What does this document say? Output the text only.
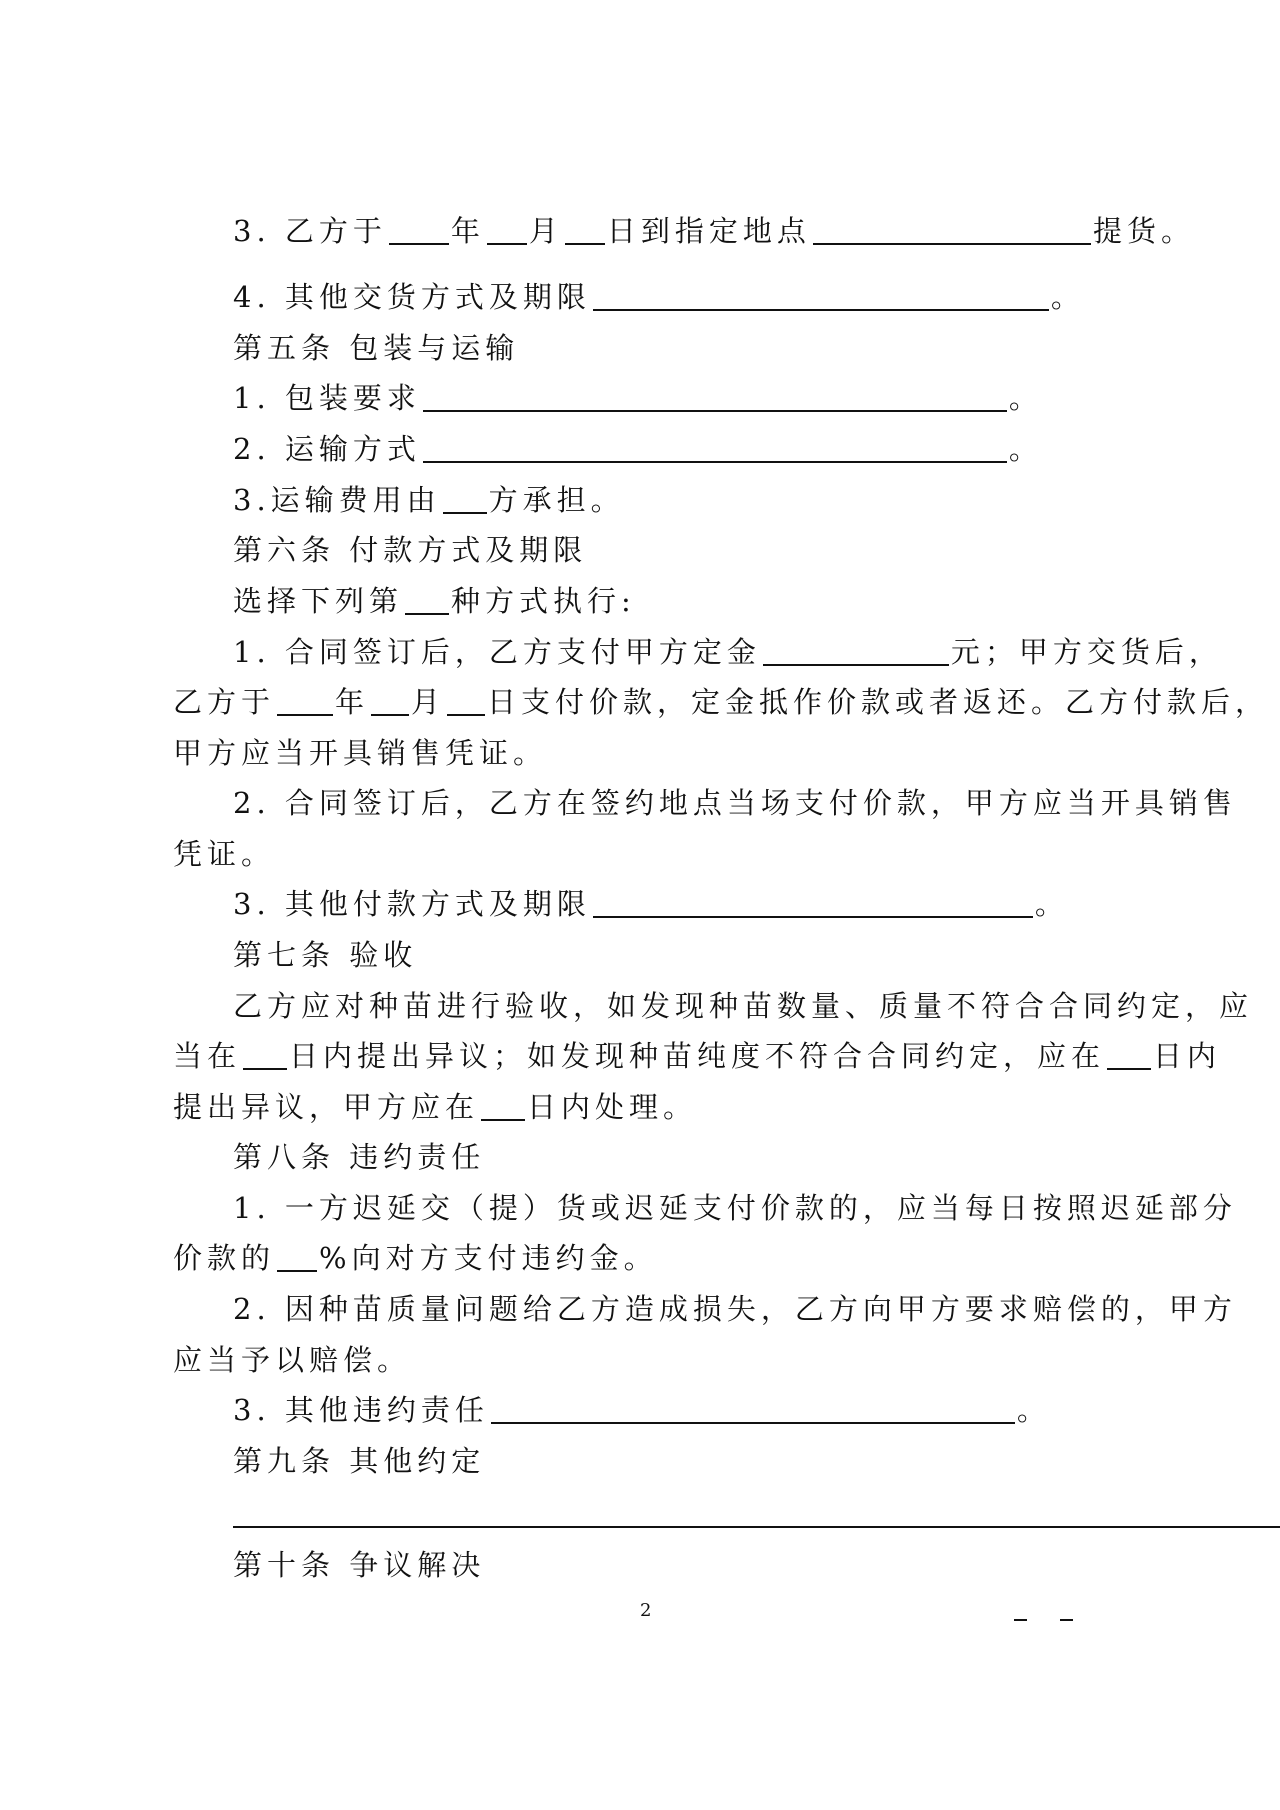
3. 乙方于 年 月 日到指定地点	提货。
4. 其他交货方式及期限	。
第五条 包装与运输
1. 包装要求	。
2. 运输方式	。
3.运输费用由 方承担。
第六条 付款方式及期限
选择下列第 种方式执行:
1. 合同签订后，乙方支付甲方定金	元；甲方交货后，
乙方于 年 月 日支付价款，定金抵作价款或者返还。乙方付款后，
甲方应当开具销售凭证。
2. 合同签订后，乙方在签约地点当场支付价款，甲方应当开具销售
凭证。
3. 其他付款方式及期限	。
第七条 验收
乙方应对种苗进行验收，如发现种苗数量、质量不符合合同约定，应
当在 日内提出异议；如发现种苗纯度不符合合同约定，应在 日内
提出异议，甲方应在 日内处理。
第八条 违约责任
1. 一方迟延交（提）货或迟延支付价款的，应当每日按照迟延部分
价款的 %向对方支付违约金。
2. 因种苗质量问题给乙方造成损失，乙方向甲方要求赔偿的，甲方
应当予以赔偿。
3. 其他违约责任	。
第九条 其他约定
第十条 争议解决
2
